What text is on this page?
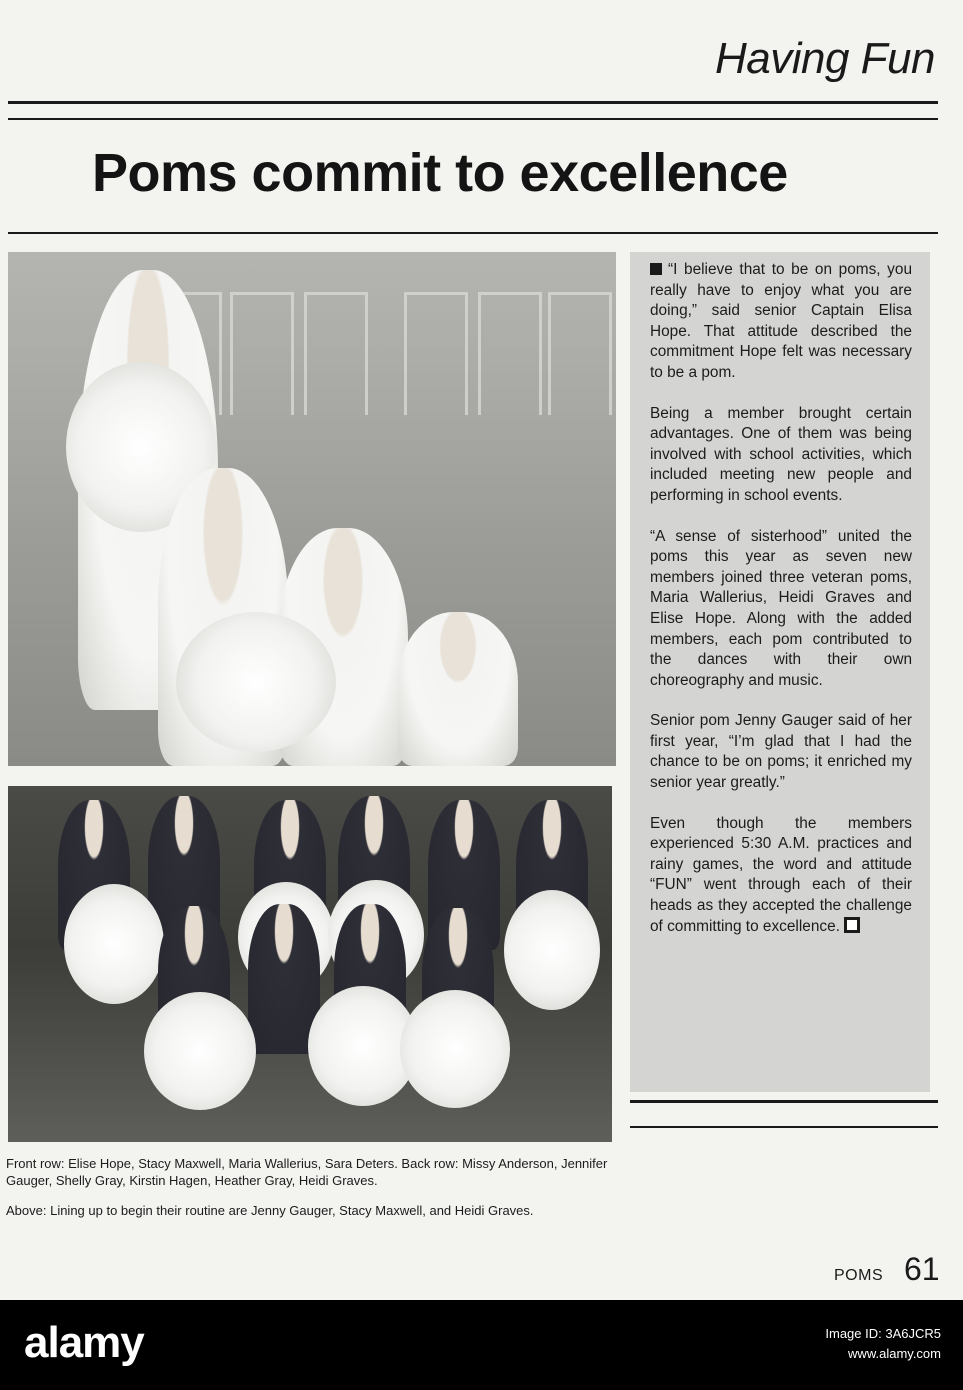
Having Fun
Poms commit to excellence

“I believe that to be on poms, you really have to enjoy what you are doing,” said senior Captain Elisa Hope. That attitude described the commitment Hope felt was necessary to be a pom.

Being a member brought certain advantages. One of them was being involved with school activities, which included meeting new people and performing in school events.

“A sense of sisterhood” united the poms this year as seven new members joined three veteran poms, Maria Wallerius, Heidi Graves and Elise Hope. Along with the added members, each pom contributed to the dances with their own choreography and music.

Senior pom Jenny Gauger said of her first year, “I’m glad that I had the chance to be on poms; it enriched my senior year greatly.”

Even though the members experienced 5:30 A.M. practices and rainy games, the word and attitude “FUN” went through each of their heads as they accepted the challenge of committing to excellence.

Front row: Elise Hope, Stacy Maxwell, Maria Wallerius, Sara Deters. Back row: Missy Anderson, Jennifer Gauger, Shelly Gray, Kirstin Hagen, Heather Gray, Heidi Graves.

Above: Lining up to begin their routine are Jenny Gauger, Stacy Maxwell, and Heidi Graves.

POMS 61

alamy	Image ID: 3A6JCR5
www.alamy.com
